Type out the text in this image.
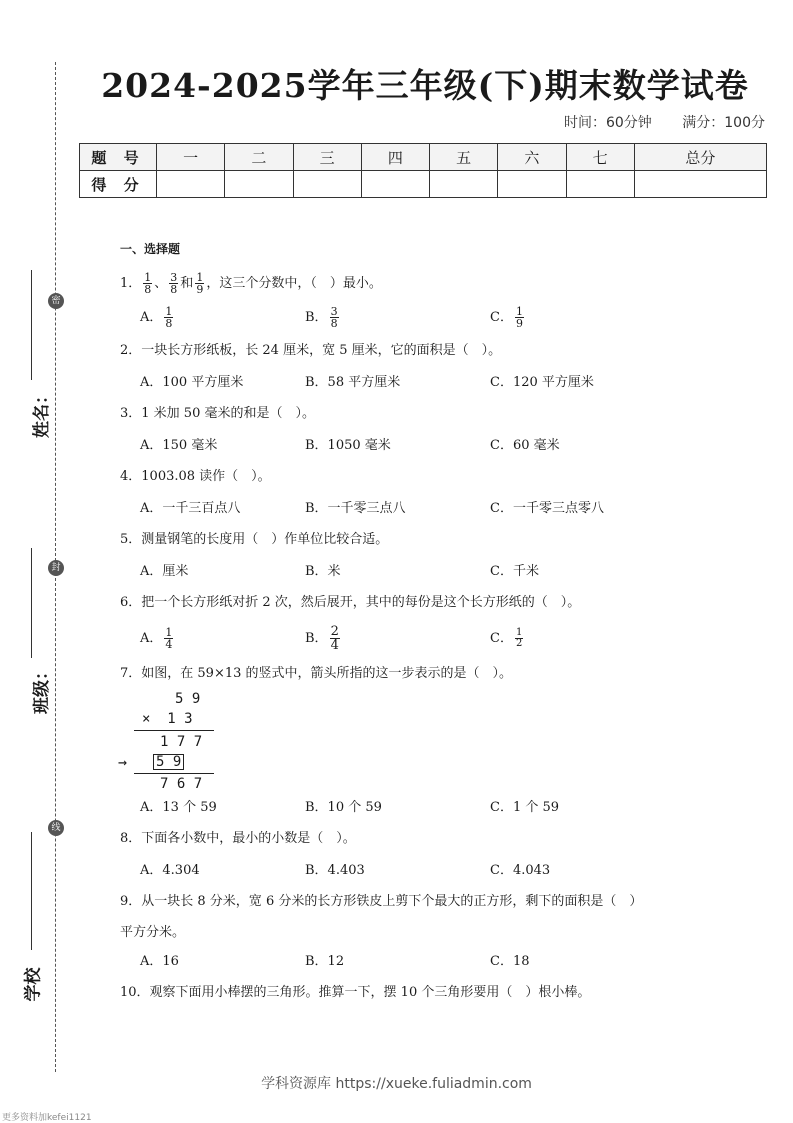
密
封
线
姓名：
班级：
学校
2024-2025学年三年级(下)期末数学试卷
时间：60分钟 满分：100分
题 号	一	二	三	四	五	六	七	总分
得 分								
一、选择题
1． $\frac{1}{8}$ 、 $\frac{3}{8}$ 和 $\frac{1}{9}$ ，这三个分数中，（　）最小。
A． $\frac{1}{8}$	B． $\frac{3}{8}$	C． $\frac{1}{9}$
2．一块长方形纸板，长 24 厘米，宽 5 厘米，它的面积是（　）。
A．100 平方厘米	B．58 平方厘米	C．120 平方厘米
3．1 米加 50 毫米的和是（　）。
A．150 毫米	B．1050 毫米	C．60 毫米
4．1003.08 读作（　）。
A．一千三百点八	B．一千零三点八	C．一千零三点零八
5．测量钢笔的长度用（　）作单位比较合适。
A．厘米	B．米	C．千米
6．把一个长方形纸对折 2 次，然后展开，其中的每份是这个长方形纸的（　）。
A． $\frac{1}{4}$	B． $\frac{2}{4}$	C． $\frac{1}{2}$
7．如图，在 59×13 的竖式中，箭头所指的这一步表示的是（　）。
5 9
×  1 3
1 7 7
→ 5 9
7 6 7
A．13 个 59	B．10 个 59	C．1 个 59
8．下面各小数中，最小的小数是（　）。
A．4.304	B．4.403	C．4.043
9．从一块长 8 分米，宽 6 分米的长方形铁皮上剪下个最大的正方形，剩下的面积是（　）
平方分米。
A．16	B．12	C．18
10．观察下面用小棒摆的三角形。推算一下，摆 10 个三角形要用（　）根小棒。
学科资源库 https://xueke.fuliadmin.com
更多资料加kefei1121
